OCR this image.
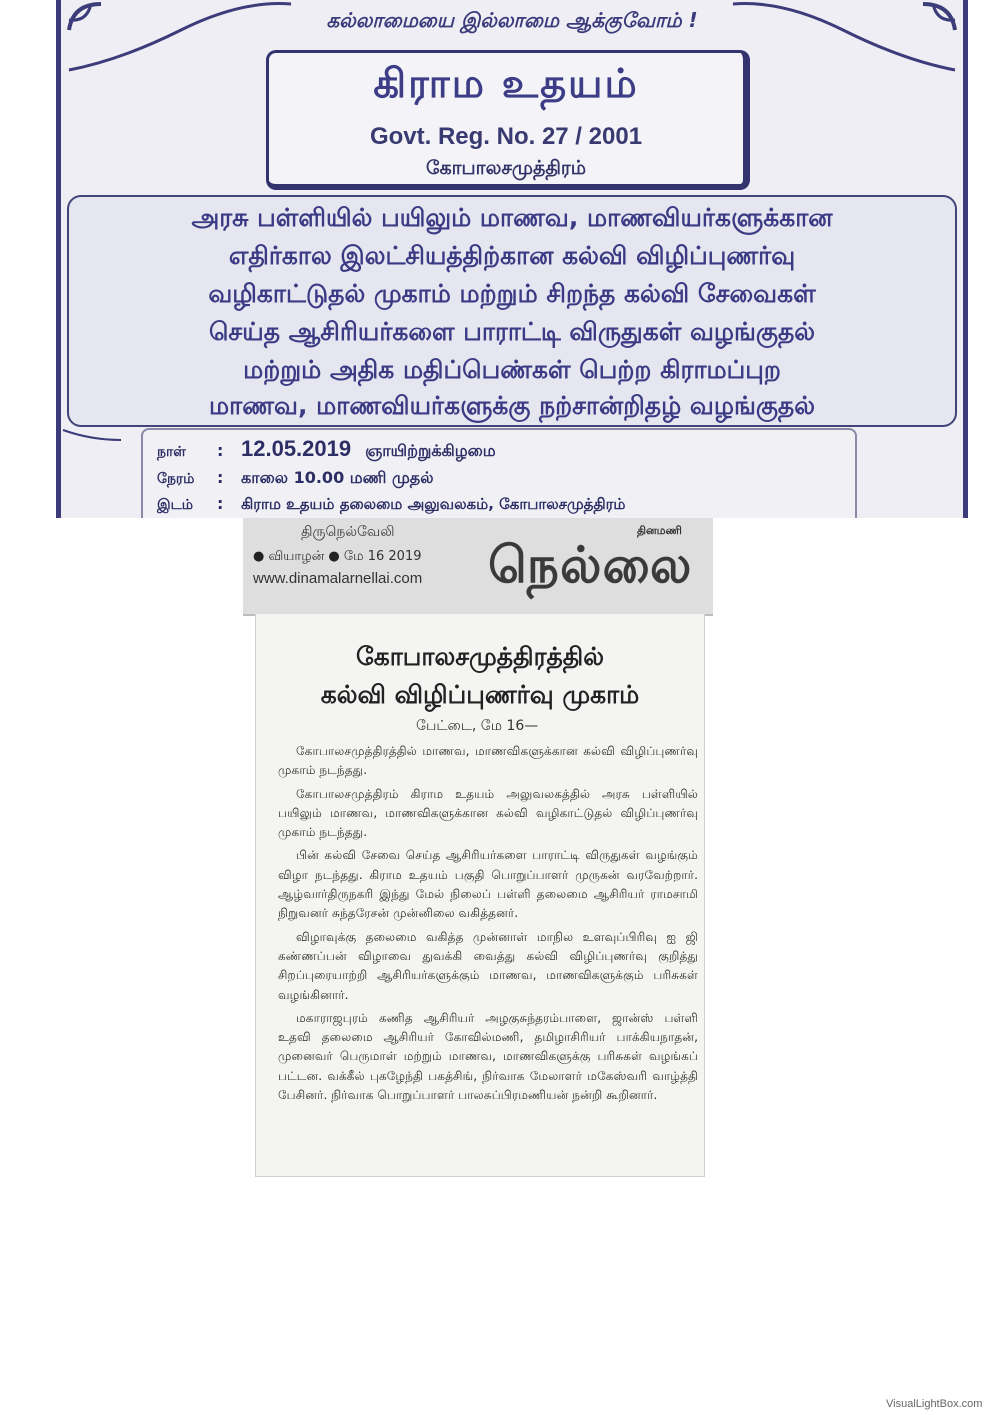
கல்லாமையை இல்லாமை ஆக்குவோம் !
கிராம உதயம்
Govt. Reg. No. 27 / 2001
கோபாலசமுத்திரம்
அரசு பள்ளியில் பயிலும் மாணவ, மாணவியர்களுக்கான
எதிர்கால இலட்சியத்திற்கான கல்வி விழிப்புணர்வு
வழிகாட்டுதல் முகாம் மற்றும் சிறந்த கல்வி சேவைகள்
செய்த ஆசிரியர்களை பாராட்டி விருதுகள் வழங்குதல்
மற்றும் அதிக மதிப்பெண்கள் பெற்ற கிராமப்புற
மாணவ, மாணவியர்களுக்கு நற்சான்றிதழ் வழங்குதல்
நாள்	: 12.05.2019 ஞாயிற்றுக்கிழமை
நேரம்	:	காலை 10.00 மணி முதல்
இடம்	:	கிராம உதயம் தலைமை அலுவலகம், கோபாலசமுத்திரம்
திருநெல்வேலி
● வியாழன் ● மே 16 2019
www.dinamalarnellai.com
தினமணி
நெல்லை
கோபாலசமுத்திரத்தில்
கல்வி விழிப்புணர்வு முகாம்
பேட்டை, மே 16—

கோபாலசமுத்திரத்தில் மாணவ, மாணவிகளுக்கான கல்வி விழிப்புணர்வு முகாம் நடந்தது.

கோபாலசமுத்திரம் கிராம உதயம் அலுவலகத்தில் அரசு பள்ளியில் பயிலும் மாணவ, மாணவிகளுக்கான கல்வி வழிகாட்டுதல் விழிப்புணர்வு முகாம் நடந்தது.

பின் கல்வி சேவை செய்த ஆசிரியர்களை பாராட்டி விருதுகள் வழங்கும் விழா நடந்தது. கிராம உதயம் பகுதி பொறுப்பாளர் முருகன் வரவேற்றார். ஆழ்வார்திருநகரி இந்து மேல் நிலைப் பள்ளி தலைமை ஆசிரியர் ராமசாமி நிறுவனர் சுந்தரேசன் முன்னிலை வகித்தனர்.

விழாவுக்கு தலைமை வகித்த முன்னாள் மாநில உளவுப்பிரிவு ஐ ஜி கண்ணப்பன் விழாவை துவக்கி வைத்து கல்வி விழிப்புணர்வு குறித்து சிறப்புரையாற்றி ஆசிரியர்களுக்கும் மாணவ, மாணவிகளுக்கும் பரிசுகள் வழங்கினார்.

மகாராஜபுரம் கணித ஆசிரியர் அழகுசுந்தரம்பாளை, ஜான்ஸ் பள்ளி உதவி தலைமை ஆசிரியர் கோவில்மணி, தமிழாசிரியர் பாக்கியநாதன், முனைவர் பெருமாள் மற்றும் மாணவ, மாணவிகளுக்கு பரிசுகள் வழங்கப் பட்டன. வக்கீல் புகழேந்தி பகத்சிங், நிர்வாக மேலாளர் மகேஸ்வரி வாழ்த்தி பேசினர். நிர்வாக பொறுப்பாளர் பாலசுப்பிரமணியன் நன்றி கூறினார்.

VisualLightBox.com
